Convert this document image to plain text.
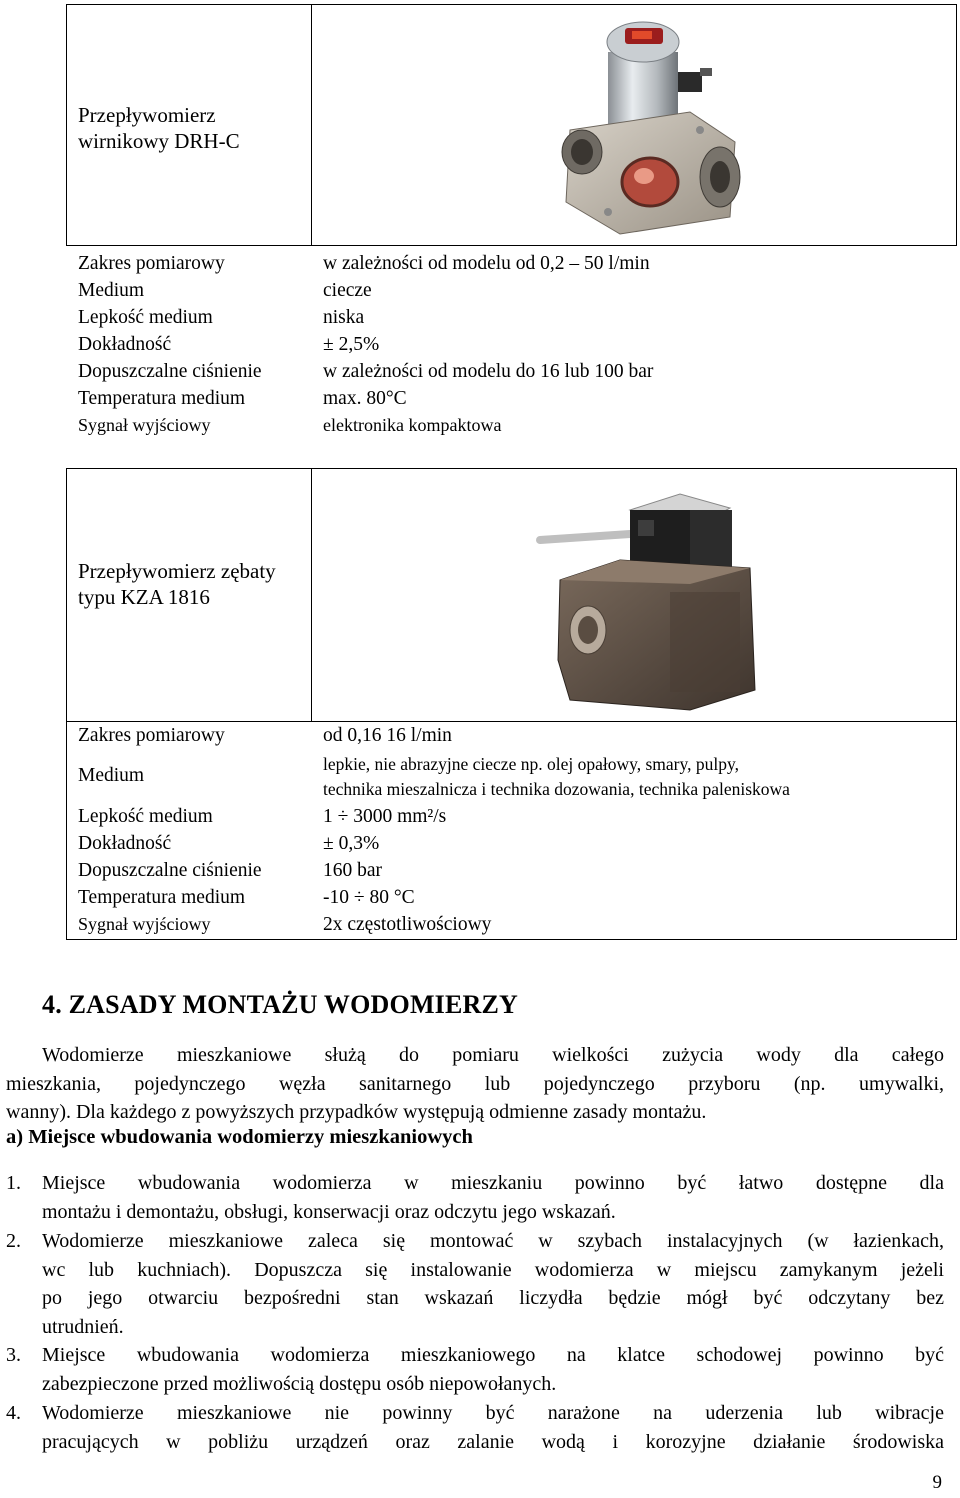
Przepływomierz
wirnikowy DRH-C
Zakres pomiarowy
Medium
Lepkość medium
Dokładność
Dopuszczalne ciśnienie
Temperatura medium
Sygnał wyjściowy
w zależności od modelu od 0,2 – 50 l/min
ciecze
niska
± 2,5%
w zależności od modelu do 16 lub 100 bar
max. 80°C
elektronika kompaktowa
Przepływomierz zębaty
typu KZA 1816
Zakres pomiarowy
Medium
Lepkość medium
Dokładność
Dopuszczalne ciśnienie
Temperatura medium
Sygnał wyjściowy
od 0,16 16 l/min
lepkie, nie abrazyjne ciecze np. olej opałowy, smary, pulpy,
technika mieszalnicza i technika dozowania, technika paleniskowa
1 ÷ 3000 mm²/s
± 0,3%
160 bar
-10 ÷ 80 °C
2x częstotliwościowy
4. ZASADY MONTAŻU WODOMIERZY
Wodomierze mieszkaniowe służą do pomiaru wielkości zużycia wody dla całego
mieszkania, pojedynczego węzła sanitarnego lub pojedynczego przyboru (np. umywalki,
wanny). Dla każdego z powyższych przypadków występują odmienne zasady montażu.
a) Miejsce wbudowania wodomierzy mieszkaniowych
1. Miejsce wbudowania wodomierza w mieszkaniu powinno być łatwo dostępne dla
montażu i demontażu, obsługi, konserwacji oraz odczytu jego wskazań.
2. Wodomierze mieszkaniowe zaleca się montować w szybach instalacyjnych (w łazienkach,
wc lub kuchniach). Dopuszcza się instalowanie wodomierza w miejscu zamykanym jeżeli
po jego otwarciu bezpośredni stan wskazań liczydła będzie mógł być odczytany bez
utrudnień.
3. Miejsce wbudowania wodomierza mieszkaniowego na klatce schodowej powinno być
zabezpieczone przed możliwością dostępu osób niepowołanych.
4. Wodomierze mieszkaniowe nie powinny być narażone na uderzenia lub wibracje
pracujących w pobliżu urządzeń oraz zalanie wodą i korozyjne działanie środowiska
9
